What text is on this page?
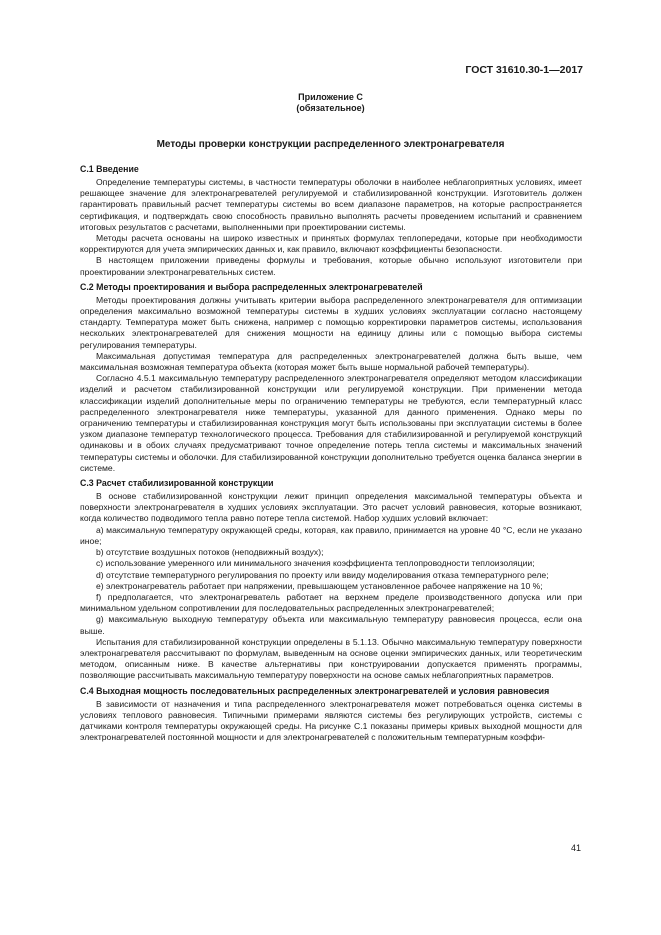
ГОСТ 31610.30-1—2017
Приложение С
(обязательное)
Методы проверки конструкции распределенного электронагревателя
С.1 Введение

Определение температуры системы, в частности температуры оболочки в наиболее неблагоприятных условиях, имеет решающее значение для электронагревателей регулируемой и стабилизированной конструкции. Изготовитель должен гарантировать правильный расчет температуры системы во всем диапазоне параметров, на которые распространяется сертификация, и подтверждать свою способность правильно выполнять расчеты проведением испытаний и сравнением итоговых результатов с расчетами, выполненными при проектировании системы.

Методы расчета основаны на широко известных и принятых формулах теплопередачи, которые при необходимости корректируются для учета эмпирических данных и, как правило, включают коэффициенты безопасности.

В настоящем приложении приведены формулы и требования, которые обычно используют изготовители при проектировании электронагревательных систем.

С.2 Методы проектирования и выбора распределенных электронагревателей

Методы проектирования должны учитывать критерии выбора распределенного электронагревателя для оптимизации определения максимально возможной температуры системы в худших условиях эксплуатации согласно настоящему стандарту. Температура может быть снижена, например с помощью корректировки параметров системы, использования нескольких электронагревателей для снижения мощности на единицу длины или с помощью выбора системы регулирования температуры.

Максимальная допустимая температура для распределенных электронагревателей должна быть выше, чем максимальная возможная температура объекта (которая может быть выше нормальной рабочей температуры).

Согласно 4.5.1 максимальную температуру распределенного электронагревателя определяют методом классификации изделий и расчетом стабилизированной конструкции или регулируемой конструкции. При применении метода классификации изделий дополнительные меры по ограничению температуры не требуются, если температурный класс распределенного электронагревателя ниже температуры, указанной для данного применения. Однако меры по ограничению температуры и стабилизированная конструкция могут быть использованы при эксплуатации системы в более узком диапазоне температур технологического процесса. Требования для стабилизированной и регулируемой конструкций одинаковы и в обоих случаях предусматривают точное определение потерь тепла системы и максимальных значений температуры системы и оболочки. Для стабилизированной конструкции дополнительно требуется оценка баланса энергии в системе.

С.3 Расчет стабилизированной конструкции

В основе стабилизированной конструкции лежит принцип определения максимальной температуры объекта и поверхности электронагревателя в худших условиях эксплуатации. Это расчет условий равновесия, которые возникают, когда количество подводимого тепла равно потере тепла системой. Набор худших условий включает:

а) максимальную температуру окружающей среды, которая, как правило, принимается на уровне 40 °С, если не указано иное;

b) отсутствие воздушных потоков (неподвижный воздух);

c) использование умеренного или минимального значения коэффициента теплопроводности теплоизоляции;

d) отсутствие температурного регулирования по проекту или ввиду моделирования отказа температурного реле;

e) электронагреватель работает при напряжении, превышающем установленное рабочее напряжение на 10 %;

f) предполагается, что электронагреватель работает на верхнем пределе производственного допуска или при минимальном удельном сопротивлении для последовательных распределенных электронагревателей;

g) максимальную выходную температуру объекта или максимальную температуру равновесия процесса, если она выше.

Испытания для стабилизированной конструкции определены в 5.1.13. Обычно максимальную температуру поверхности электронагревателя рассчитывают по формулам, выведенным на основе оценки эмпирических данных, или теоретическим методом, описанным ниже. В качестве альтернативы при конструировании допускается применять программы, позволяющие рассчитывать максимальную температуру поверхности на основе самых неблагоприятных параметров.

С.4 Выходная мощность последовательных распределенных электронагревателей и условия равновесия

В зависимости от назначения и типа распределенного электронагревателя может потребоваться оценка системы в условиях теплового равновесия. Типичными примерами являются системы без регулирующих устройств, системы с датчиками контроля температуры окружающей среды. На рисунке С.1 показаны примеры кривых выходной мощности для электронагревателей постоянной мощности и для электронагревателей с положительным температурным коэффи-

41
